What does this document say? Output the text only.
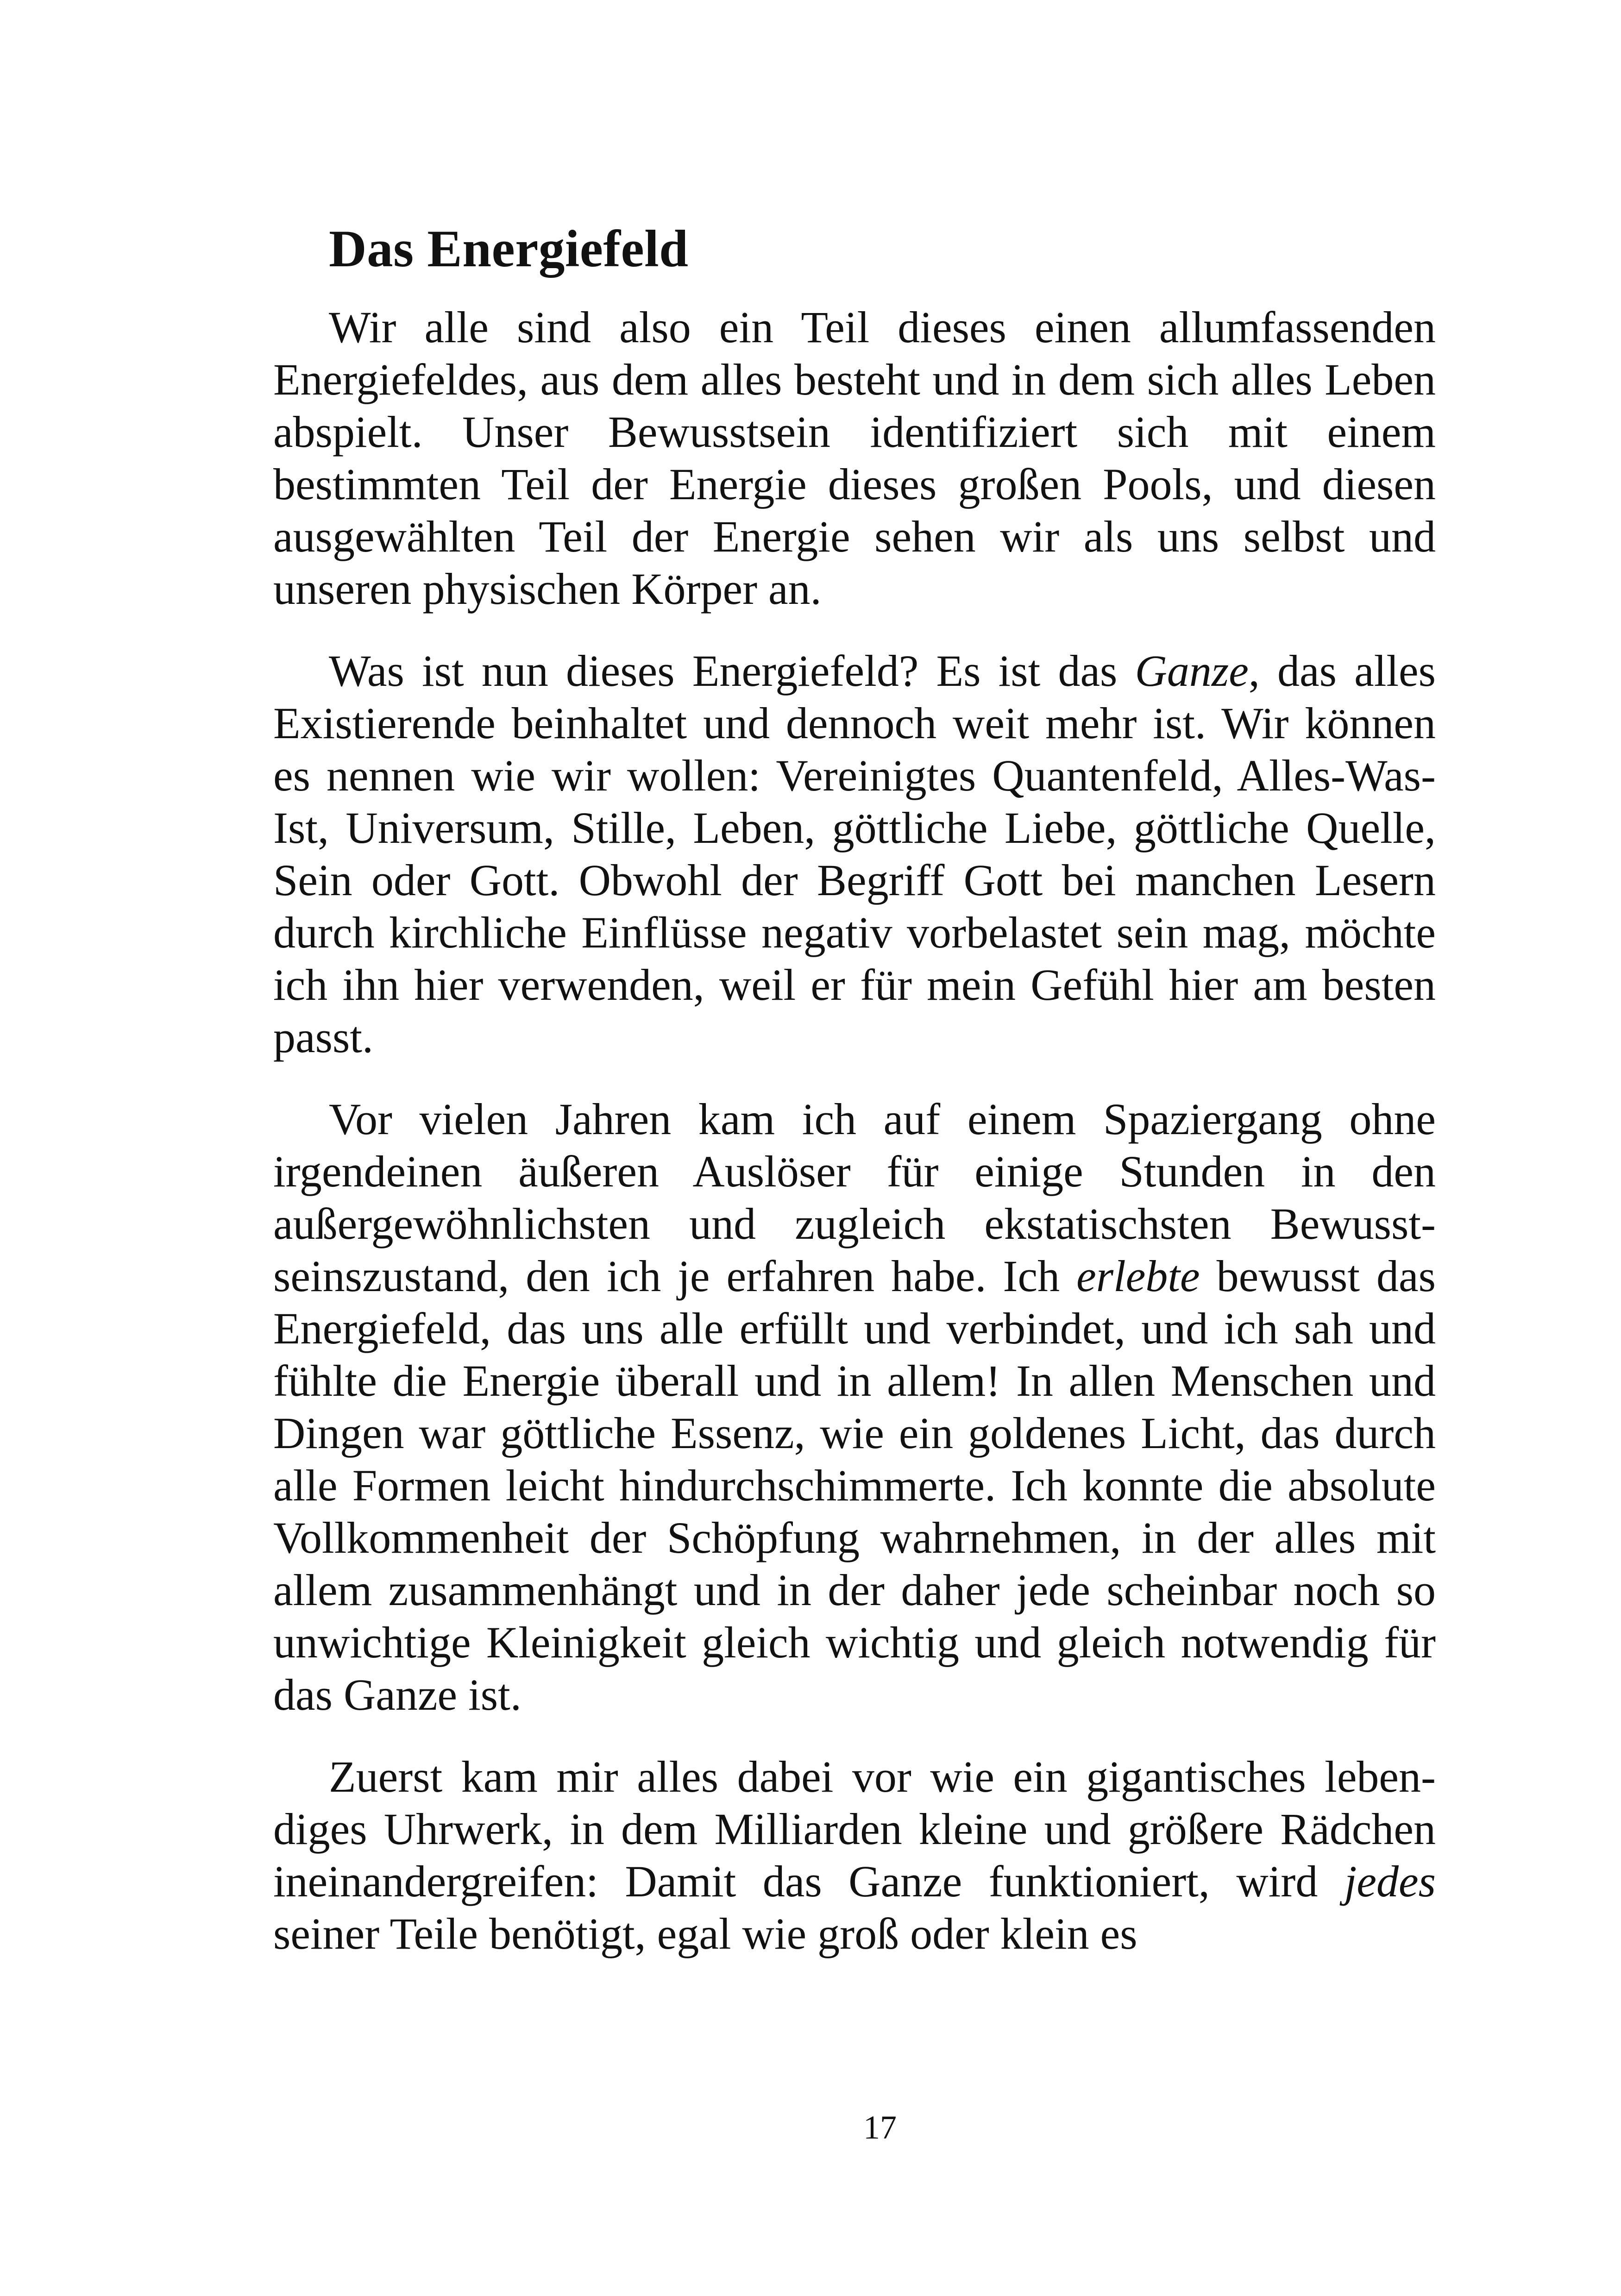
Das Energiefeld

Wir alle sind also ein Teil dieses einen allumfassenden Energiefeldes, aus dem alles besteht und in dem sich alles Leben abspielt. Unser Bewusstsein identifiziert sich mit einem bestimmten Teil der Energie dieses großen Pools, und diesen ausgewählten Teil der Energie sehen wir als uns selbst und unseren physischen Körper an.

Was ist nun dieses Energiefeld? Es ist das Ganze, das alles Existierende beinhaltet und dennoch weit mehr ist. Wir können es nennen wie wir wollen: Vereinigtes Quantenfeld, Alles-Was-Ist, Universum, Stille, Leben, göttliche Liebe, göttliche Quelle, Sein oder Gott. Obwohl der Begriff Gott bei manchen Lesern durch kirchliche Einflüsse negativ vorbelastet sein mag, möchte ich ihn hier verwenden, weil er für mein Gefühl hier am besten passt.

Vor vielen Jahren kam ich auf einem Spaziergang ohne irgendeinen äußeren Auslöser für einige Stunden in den außergewöhnlichsten und zugleich ekstatischsten Bewusstseinszustand, den ich je erfahren habe. Ich erlebte bewusst das Energiefeld, das uns alle erfüllt und verbindet, und ich sah und fühlte die Energie überall und in allem! In allen Menschen und Dingen war göttliche Essenz, wie ein goldenes Licht, das durch alle Formen leicht hindurchschimmerte. Ich konnte die absolute Vollkommenheit der Schöpfung wahrnehmen, in der alles mit allem zusammenhängt und in der daher jede scheinbar noch so unwichtige Kleinigkeit gleich wichtig und gleich notwendig für das Ganze ist.

Zuerst kam mir alles dabei vor wie ein gigantisches lebendiges Uhrwerk, in dem Milliarden kleine und größere Rädchen ineinandergreifen: Damit das Ganze funktioniert, wird jedes seiner Teile benötigt, egal wie groß oder klein es

17
